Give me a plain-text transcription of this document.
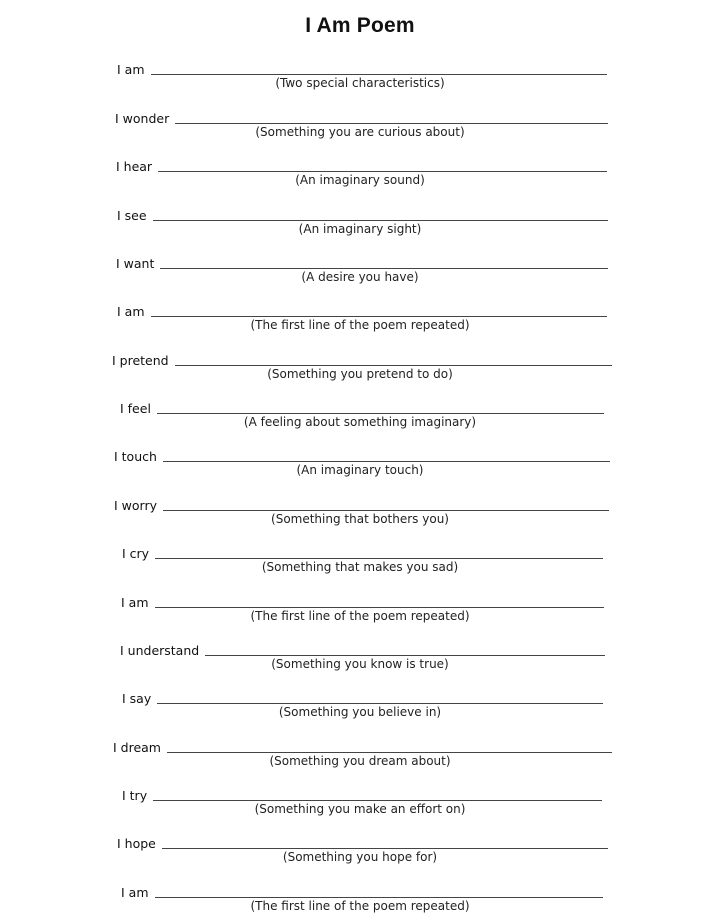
I Am Poem
I am
(Two special characteristics)
I wonder
(Something you are curious about)
I hear
(An imaginary sound)
I see
(An imaginary sight)
I want
(A desire you have)
I am
(The first line of the poem repeated)
I pretend
(Something you pretend to do)
I feel
(A feeling about something imaginary)
I touch
(An imaginary touch)
I worry
(Something that bothers you)
I cry
(Something that makes you sad)
I am
(The first line of the poem repeated)
I understand
(Something you know is true)
I say
(Something you believe in)
I dream
(Something you dream about)
I try
(Something you make an effort on)
I hope
(Something you hope for)
I am
(The first line of the poem repeated)
